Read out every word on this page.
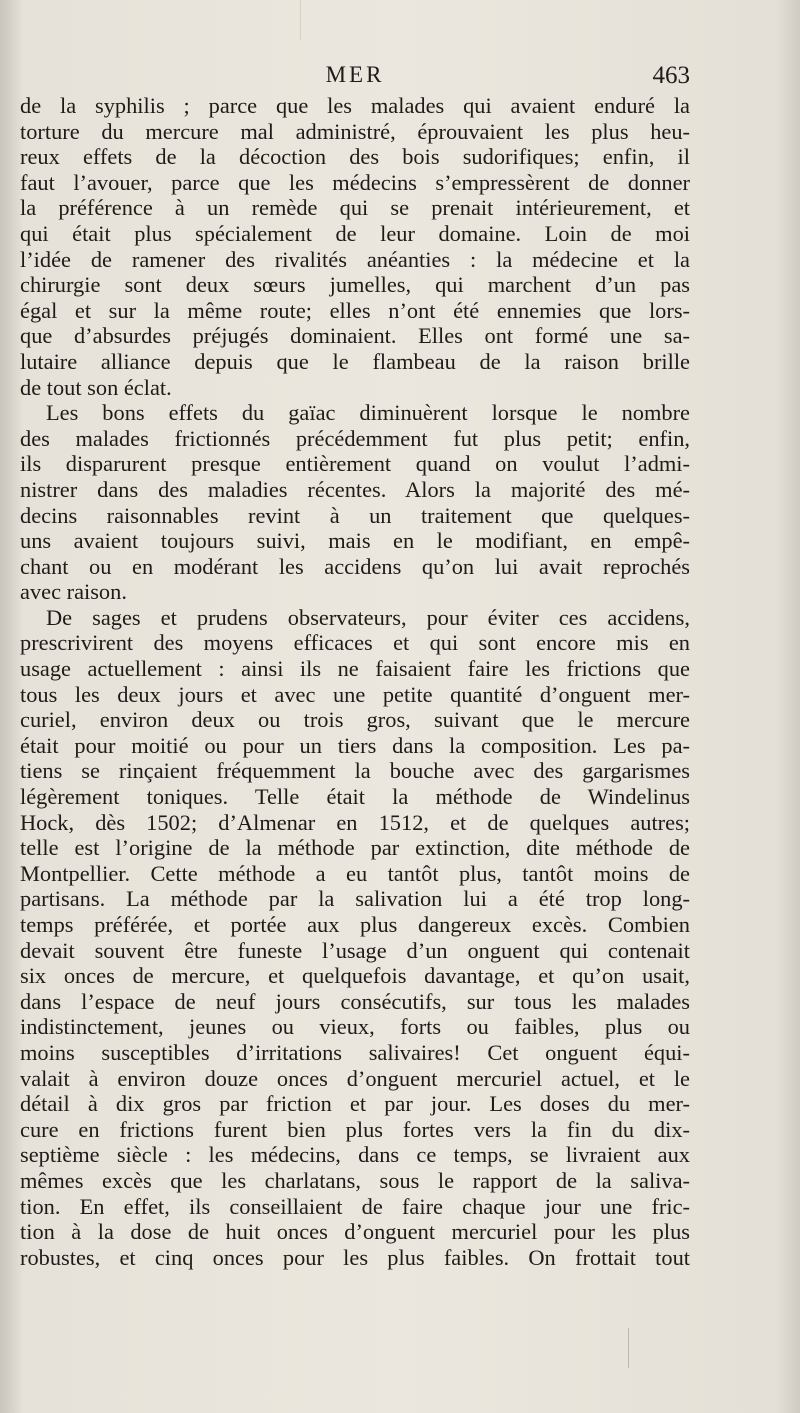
MER	463
de la syphilis ; parce que les malades qui avaient enduré la
torture du mercure mal administré, éprouvaient les plus heu-
reux effets de la décoction des bois sudorifiques; enfin, il
faut l’avouer, parce que les médecins s’empressèrent de donner
la préférence à un remède qui se prenait intérieurement, et
qui était plus spécialement de leur domaine. Loin de moi
l’idée de ramener des rivalités anéanties : la médecine et la
chirurgie sont deux sœurs jumelles, qui marchent d’un pas
égal et sur la même route; elles n’ont été ennemies que lors-
que d’absurdes préjugés dominaient. Elles ont formé une sa-
lutaire alliance depuis que le flambeau de la raison brille
de tout son éclat.
Les bons effets du gaïac diminuèrent lorsque le nombre
des malades frictionnés précédemment fut plus petit; enfin,
ils disparurent presque entièrement quand on voulut l’admi-
nistrer dans des maladies récentes. Alors la majorité des mé-
decins raisonnables revint à un traitement que quelques-
uns avaient toujours suivi, mais en le modifiant, en empê-
chant ou en modérant les accidens qu’on lui avait reprochés
avec raison.
De sages et prudens observateurs, pour éviter ces accidens,
prescrivirent des moyens efficaces et qui sont encore mis en
usage actuellement : ainsi ils ne faisaient faire les frictions que
tous les deux jours et avec une petite quantité d’onguent mer-
curiel, environ deux ou trois gros, suivant que le mercure
était pour moitié ou pour un tiers dans la composition. Les pa-
tiens se rinçaient fréquemment la bouche avec des gargarismes
légèrement toniques. Telle était la méthode de Windelinus
Hock, dès 1502; d’Almenar en 1512, et de quelques autres;
telle est l’origine de la méthode par extinction, dite méthode de
Montpellier. Cette méthode a eu tantôt plus, tantôt moins de
partisans. La méthode par la salivation lui a été trop long-
temps préférée, et portée aux plus dangereux excès. Combien
devait souvent être funeste l’usage d’un onguent qui contenait
six onces de mercure, et quelquefois davantage, et qu’on usait,
dans l’espace de neuf jours consécutifs, sur tous les malades
indistinctement, jeunes ou vieux, forts ou faibles, plus ou
moins susceptibles d’irritations salivaires! Cet onguent équi-
valait à environ douze onces d’onguent mercuriel actuel, et le
détail à dix gros par friction et par jour. Les doses du mer-
cure en frictions furent bien plus fortes vers la fin du dix-
septième siècle : les médecins, dans ce temps, se livraient aux
mêmes excès que les charlatans, sous le rapport de la saliva-
tion. En effet, ils conseillaient de faire chaque jour une fric-
tion à la dose de huit onces d’onguent mercuriel pour les plus
robustes, et cinq onces pour les plus faibles. On frottait tout
